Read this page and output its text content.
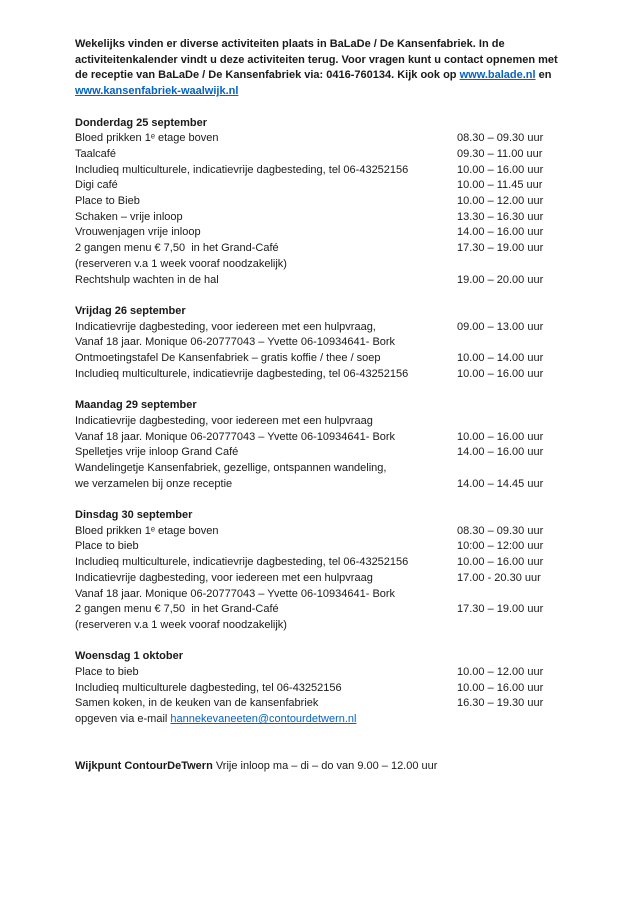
Wekelijks vinden er diverse activiteiten plaats in BaLaDe / De Kansenfabriek. In de activiteitenkalender vindt u deze activiteiten terug. Voor vragen kunt u contact opnemen met de receptie van BaLaDe / De Kansenfabriek via: 0416-760134. Kijk ook op www.balade.nl en www.kansenfabriek-waalwijk.nl

Donderdag 25 september
Bloed prikken 1ᵉ etage boven	08.30 – 09.30 uur
Taalcafé	09.30 – 11.00 uur
Includieq multiculturele, indicatievrije dagbesteding, tel 06-43252156	10.00 – 16.00 uur
Digi café	10.00 – 11.45 uur
Place to Bieb	10.00 – 12.00 uur
Schaken – vrije inloop	13.30 – 16.30 uur
Vrouwenjagen vrije inloop	14.00 – 16.00 uur
2 gangen menu € 7,50  in het Grand-Café	17.30 – 19.00 uur
(reserveren v.a 1 week vooraf noodzakelijk)
Rechtshulp wachten in de hal	19.00 – 20.00 uur
Vrijdag 26 september
Indicatievrije dagbesteding, voor iedereen met een hulpvraag,	09.00 – 13.00 uur
Vanaf 18 jaar. Monique 06-20777043 – Yvette 06-10934641- Bork
Ontmoetingstafel De Kansenfabriek – gratis koffie / thee / soep	10.00 – 14.00 uur
Includieq multiculturele, indicatievrije dagbesteding, tel 06-43252156	10.00 – 16.00 uur
Maandag 29 september
Indicatievrije dagbesteding, voor iedereen met een hulpvraag
Vanaf 18 jaar. Monique 06-20777043 – Yvette 06-10934641- Bork	10.00 – 16.00 uur
Spelletjes vrije inloop Grand Café	14.00 – 16.00 uur
Wandelingetje Kansenfabriek, gezellige, ontspannen wandeling,
we verzamelen bij onze receptie	14.00 – 14.45 uur
Dinsdag 30 september
Bloed prikken 1ᵉ etage boven	08.30 – 09.30 uur
Place to bieb	10:00 – 12:00 uur
Includieq multiculturele, indicatievrije dagbesteding, tel 06-43252156	10.00 – 16.00 uur
Indicatievrije dagbesteding, voor iedereen met een hulpvraag	17.00 - 20.30 uur
Vanaf 18 jaar. Monique 06-20777043 – Yvette 06-10934641- Bork
2 gangen menu € 7,50  in het Grand-Café	17.30 – 19.00 uur
(reserveren v.a 1 week vooraf noodzakelijk)
Woensdag 1 oktober
Place to bieb	10.00 – 12.00 uur
Includieq multiculturele dagbesteding, tel 06-43252156	10.00 – 16.00 uur
Samen koken, in de keuken van de kansenfabriek	16.30 – 19.30 uur
opgeven via e-mail hannekevaneeten@contourdetwern.nl

Wijkpunt ContourDeTwern Vrije inloop ma – di – do van 9.00 – 12.00 uur
